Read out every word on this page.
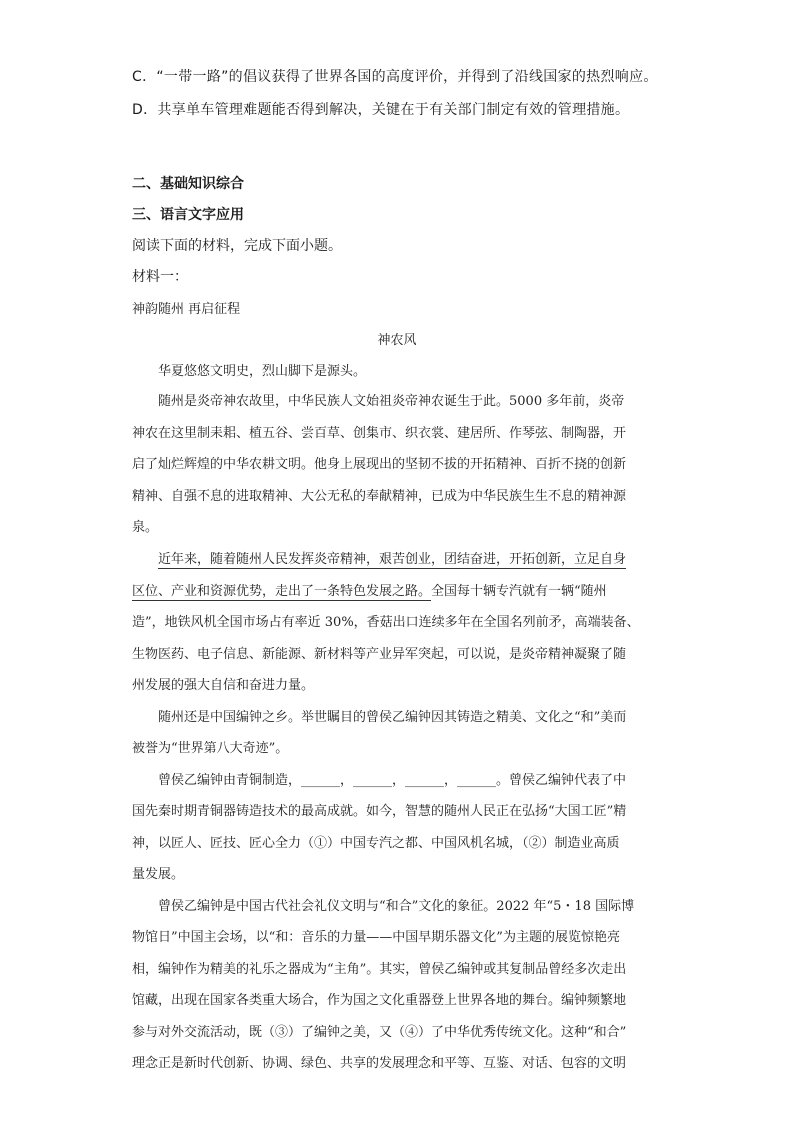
C．“一带一路”的倡议获得了世界各国的高度评价，并得到了沿线国家的热烈响应。
D．共享单车管理难题能否得到解决，关键在于有关部门制定有效的管理措施。
二、基础知识综合
三、语言文字应用
阅读下面的材料，完成下面小题。
材料一：
神韵随州 再启征程
神农风
华夏悠悠文明史，烈山脚下是源头。
随州是炎帝神农故里，中华民族人文始祖炎帝神农诞生于此。5000 多年前，炎帝
神农在这里制耒耜、植五谷、尝百草、创集市、织衣裳、建居所、作琴弦、制陶器，开
启了灿烂辉煌的中华农耕文明。他身上展现出的坚韧不拔的开拓精神、百折不挠的创新
精神、自强不息的进取精神、大公无私的奉献精神，已成为中华民族生生不息的精神源
泉。
近年来，随着随州人民发挥炎帝精神，艰苦创业，团结奋进，开拓创新，立足自身
区位、产业和资源优势，走出了一条特色发展之路。全国每十辆专汽就有一辆“随州
造”，地铁风机全国市场占有率近 30%，香菇出口连续多年在全国名列前矛，高端装备、
生物医药、电子信息、新能源、新材料等产业异军突起，可以说，是炎帝精神凝聚了随
州发展的强大自信和奋进力量。
随州还是中国编钟之乡。举世瞩目的曾侯乙编钟因其铸造之精美、文化之“和”美而
被誉为“世界第八大奇迹”。
曾侯乙编钟由青铜制造，______，______，______，______。曾侯乙编钟代表了中
国先秦时期青铜器铸造技术的最高成就。如今，智慧的随州人民正在弘扬“大国工匠”精
神，以匠人、匠技、匠心全力（①）中国专汽之都、中国风机名城，（②）制造业高质
量发展。
曾侯乙编钟是中国古代社会礼仪文明与“和合”文化的象征。2022 年“5・18 国际博
物馆日”中国主会场，以“和：音乐的力量——中国早期乐器文化”为主题的展览惊艳亮
相，编钟作为精美的礼乐之器成为“主角”。其实，曾侯乙编钟或其复制品曾经多次走出
馆藏，出现在国家各类重大场合，作为国之文化重器登上世界各地的舞台。编钟频繁地
参与对外交流活动，既（③）了编钟之美，又（④）了中华优秀传统文化。这种“和合”
理念正是新时代创新、协调、绿色、共享的发展理念和平等、互鉴、对话、包容的文明
